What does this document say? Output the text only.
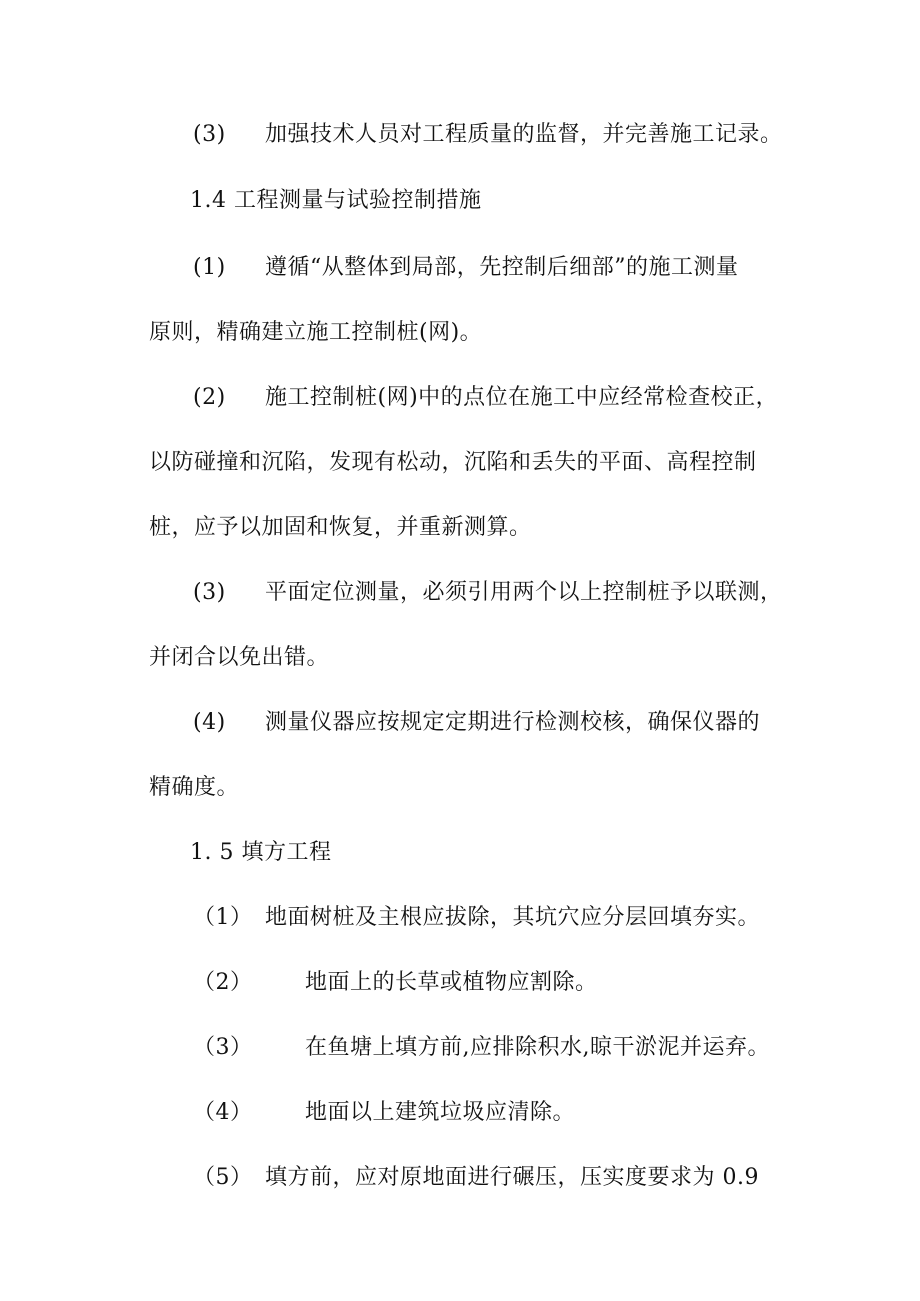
(3) 加强技术人员对工程质量的监督，并完善施工记录。
1.4 工程测量与试验控制措施
(1) 遵循“从整体到局部，先控制后细部”的施工测量
原则，精确建立施工控制桩(网)。
(2) 施工控制桩(网)中的点位在施工中应经常检查校正，
以防碰撞和沉陷，发现有松动，沉陷和丢失的平面、高程控制
桩，应予以加固和恢复，并重新测算。
(3) 平面定位测量，必须引用两个以上控制桩予以联测，
并闭合以免出错。
(4) 测量仪器应按规定定期进行检测校核，确保仪器的
精确度。
1. 5 填方工程
（1） 地面树桩及主根应拔除，其坑穴应分层回填夯实。
（2） 地面上的长草或植物应割除。
（3） 在鱼塘上填方前,应排除积水,晾干淤泥并运弃。
（4） 地面以上建筑垃圾应清除。
（5） 填方前，应对原地面进行碾压，压实度要求为 0.9
